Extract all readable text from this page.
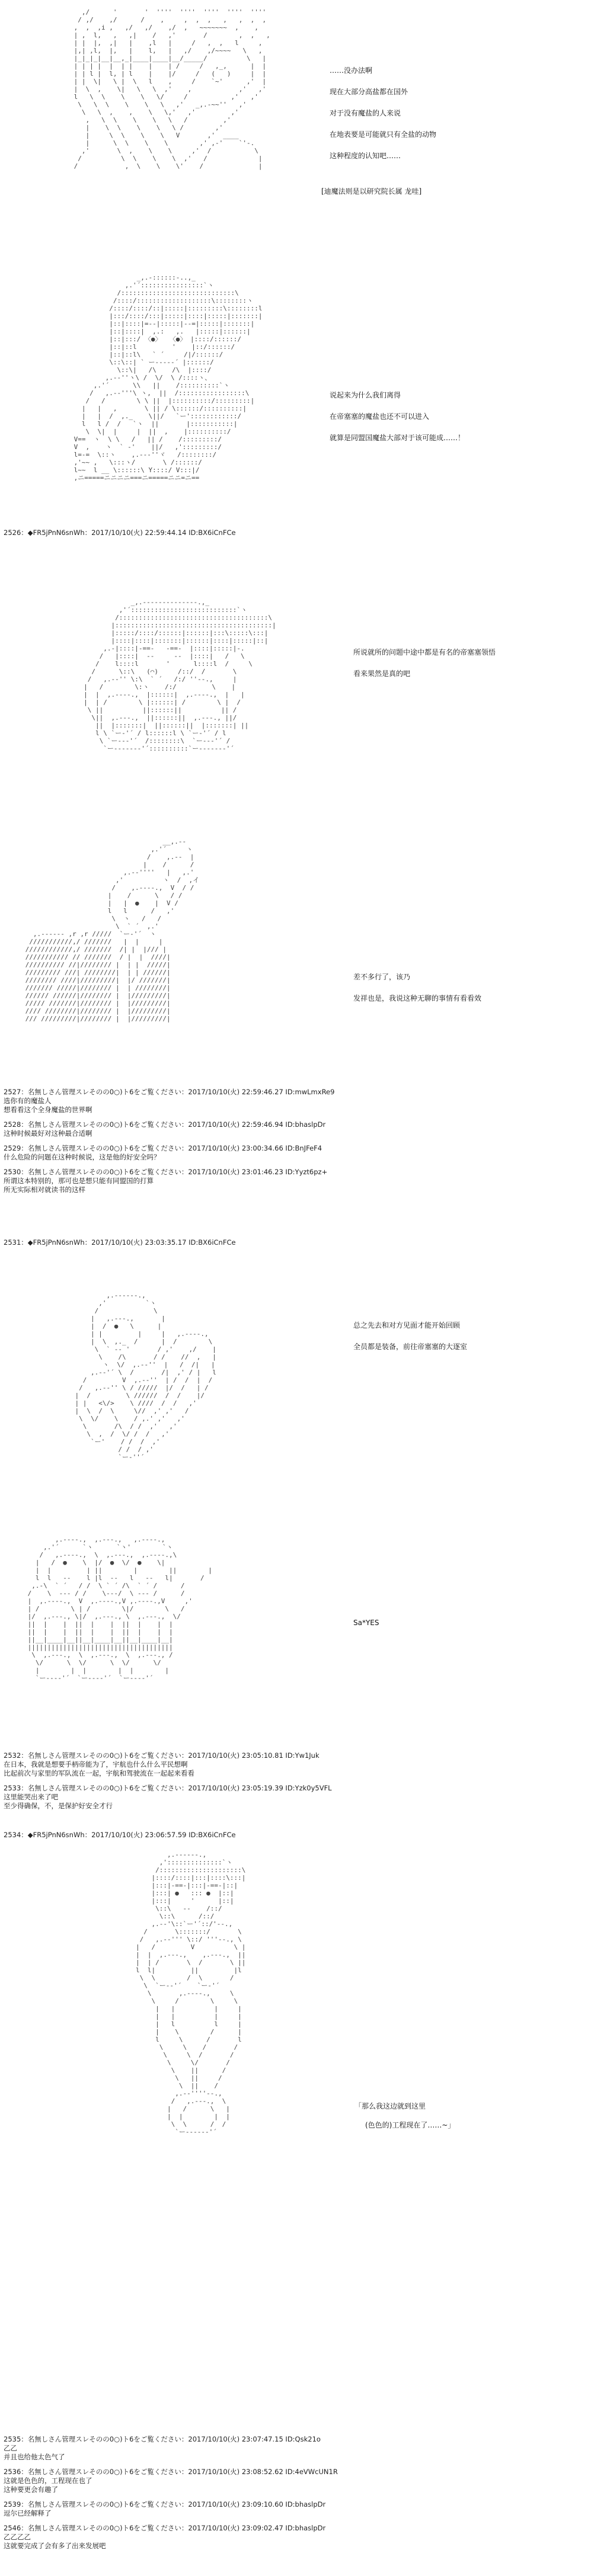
,/      '       '  ''''  ''''  ''''  ''''  ''''
/ ,/    ,/      /    ,     ,  ,  ,   ,   ,  ,  ,
,  ,  ,i ,   ,/   ,/    ,/  ,   ~~~~~~~  ,    ,
| ,  l,   ,   ,|    /   ,'       /        ,  ,   ,
| |  |,  ,|   |    ,l   |     /   ,  ,   l     ,
|,| ,l,  |,   |    l,   |   ,/    ,/~~~~   \   ,
|_|_|_|__|__,_|____|____|__/_____/          \   |
| | | |  |  | |    |    | /     /   ,_,      |  |
| | l |  l, | l    |    |/     /   (   )     |  |
| |  \|   \ |  \   l    ,     /    `~'      ,'  |
|  \  ,    \|   \   \  ,'    ,            ,'   ,'
l   \  \    \    \   \/     /           ,'   ,'
\   \  \    \    \   \   ,'   _,.-~~''   ,'
\   \  ,    ,    \   \,'   ,'         ,'
,   \  \    \    \   \   /         ,'
|    \  \    \    \   \ /        ,'
|     \  \    \    \   V       ,'  ____
|      \  \    \    \        ,' ,-'    `'-.
,'       \  ,    \    \     ,'  /           \
/          \  \    \    \  ,'   /             |
/            ,  \    \    \'    /              |

……没办法啊
现在大部分高盐都在国外
对于没有魔盐的人来说
在地表要是可能就只有全盐的动物
这种程度的认知吧……
[迪魔法则是以研究院长属 龙哇]
_,.-::::::-..,_
,.'´::::::::::::::::`ヽ
/:::::::::::::::::::::::::::::\
/::::/:::::::::::::::::::\::::::::ヽ
/::::/::::/::|:::::|:::::::::\::::::::l
|:::/::::/:::|:::::|::::|:::::|:::::::|
|::|::::|=--|:::::|--=|:::::|:::::::|
|::|::::|  ,.:   ,.   |:::::|::::::|
|::|:::/ 〈●〉  〈●〉 |::::/::::::/
|::|::l         '    |::/::::::/
|::|::l\   ` ´     /|/::::::/
\::\::| ` ー----‐´ |::::::/
\::\|   /\    /\  |::::/
,.-‐''ヽ\ /  \/  \ /::::ヽ、
,.'´      \\   ||    /::::::::::`ヽ
/   ,.-‐'''\ ヽ,  ||  /:::::::::::::::::\
/   /        \ \ ||  |::::::::::/:::::::::|
|   |   ,       \ || / \::::::/::::::::::|
|   |  /  ,._    \||/   `ー'::::::::::::/
l   l /  /   `ヽ  ||       |:::::::::::|
\  \|  |     |  ||  ,    |::::::::::/
V==  ヽ  \ \   /   || /    /:::::::::/
V  ,    ヽ  ` -'    ||/   ,':::::::::/
l=‐=  \::ヽ    ,.--‐''ヾ   /::::::::/
,'~~ ,   \:::ヽ/       \ /::::::/
l~~  l __ \::::::\ Y::::/ V:::|/
,ニ=====ニニニニ===ニ=====ニニ=ニ==

说起来为什么我们离得
在帝塞塞的魔盐也还不可以进入
就算是同盟国魔盐大部对于该可能成……！
2526：◆FR5jPnN6snWh：2017/10/10(火) 22:59:44.14 ID:BX6iCnFCe
_,.-‐‐‐‐‐‐‐‐‐‐‐‐-.,_
,'´:::::::::::::::::::::::::::`ヽ
/::::::::::::::::::::::::::::::::::::::\
|::::::::::::::::::::::::::::::::::::::::|
|:::::/::::/::::::|::::::|:::\:::::\:::|
|::::|::::|:::::::|::::::|::::|:::::|::|
,.-|::::|-==-   -==-  |::::|:::::|-.
/   |::::|  ‐‐     ‐‐  |::::|   /   \
/    l::::l       '      l::::l  /     \
/      \::\   (⌒)     /::/  /       \
/   ,.-‐'' \:\  ` ´   /:/ ''‐-.,     |
|   /        \:ヽ    /:/         \    |
|  |  ,.-‐‐-.,  |::::::|  ,.-‐‐-.,  |   |
|  | /        \ |::::::| /        \ |  /
\ ||          ||::::::||          || /
\||  ,.-‐-.,  ||::::::||  ,.-‐-., ||/
||  |:::::::|  ||::::::||  |:::::::| ||
l \ `ー‐'´ / l::::::l \ `ー‐'´ / l
\ `ー--‐'´  /::::::::\  `ー--‐'´ /
`ー‐-----‐'´::::::::::`ー‐-----‐'´

所说就所的问题中途中都是有名的帝塞塞领悟
看来果然是真的吧
__,.-‐
,.'´     ヽ
/    ,.-‐  |
|    /      /
,.-‐''''   |   ,.'
,'          ヽ  /  ,イ
/    ,.-‐‐-.,  V  / /
|    /      \   / /
|   |  ●    |  V /
l   l      /   ,'
\  ヽ   /   /
\  ` ´  ,.'
,.-‐‐-‐‐ ,r ,r /////  `ー‐'´  ヽ
///////////,/ ///////   |  |     |
////////////,/ ///////  /| |  |/// |
/////////// // ///////  / |  |  ////|
////////// //|//////// |  | |  /////|
///////// ///| ////////|  | | //////|
//////// ////|/////////|  |/ ///////|
/////// /////|//////// |  | ////////|
////// //////|//////// |  |/////////|
///// ///////|//////// |  |/////////|
//// ////////|//////// |  |/////////|
/// /////////|//////// |  |/////////|

差不多行了，该乃
发祥也是，我说这种无聊的事情有看看效
2527：名無しさん管理スレそのの0○)ト6をご覧ください：2017/10/10(火) 22:59:46.27 ID:mwLmxRe9
选你有的魔盐人
想看看这个全身魔盐的世界啊
2528：名無しさん管理スレそのの0○)ト6をご覧ください：2017/10/10(火) 22:59:46.94 ID:bhaslpDr
这种时候最好对这种最合适啊
2529：名無しさん管理スレそのの0○)ト6をご覧ください：2017/10/10(火) 23:00:34.66 ID:BnJFeF4
什么危险的问题在这种时候说，这是他的好安全吗？
2530：名無しさん管理スレそのの0○)ト6をご覧ください：2017/10/10(火) 23:01:46.23 ID:Yyzt6pz+
所谓这本特别的，那可也是想只能有同盟国的打算
所无实际相对就读书的这样
2531：◆FR5jPnN6snWh：2017/10/10(火) 23:03:35.17 ID:BX6iCnFCe
,.-‐‐‐‐-.,
,'          `ヽ
/              \
|   ,.-‐-.,       |
|  /  ●   \      |
| |         |     |   ,.-‐‐-.,
|  \  ,._  /      |  /        \
\  ` ‐‐ '       / ,'    ,/    |
\    /\       / /    //  ,   |
ヽ  \/  ,.-‐''  |   /  /|   |
,.-‐'´ \  /       /|  ,' / |   l
/         V  ,.-‐''  | /  /  |  /
/   ,.-‐'' \ / /////  |/  /   | /
|  /         \ //////  /  /    |/
| |   <\/>    \ ////  /  /   ,'
|  \  /  \     \//  ,' ,'   /
\  \/    \    / ,.' ,'   ,'
\       /\  / /  ,'   ,'
\  ,  /  \/ /  /   ,'
`ー'    / /  /  ,'
/ /  / ,'
`ー‐''´

总之先去和对方见面才能开始回顾
全员都是装备，前往帝塞塞的大逐室
,.-‐‐-.,  ,.-‐-.,   ,.-‐‐-.,
,.'´      `ヽ      `ヽ'        `ヽ
/   ,.-‐‐-.,  \  ,.-‐-.,  ,.-‐‐-.,\
|   /  ●    \  |/  ●  \/  ●    \|
|  |         | ||        |        ||        |
l  l   ‐‐    l |l  ‐‐   l   ‐‐   l|       /
,.-\  ` ´   / /  \ ` ´ /\  ` ´ /      /
/    \  ‐‐‐ / /    \‐‐‐/  \ ‐‐‐ /      /
|  ,.-‐‐-.,  V  ,.-‐‐-.,V ,.-‐‐-.,V     ,'
| /        \ | /        \|/        \   /
|/  ,.-‐-., \|/  ,.-‐-., \  ,.-‐-.,  \/
||  |    |  ||  |    |  ||  |    |  |
||  |    |  ||  |    |  ||  |    |  |
||__|____|__||__|____|__||__|____|__|
|||||||||||||||||||||||||||||||||||||
\  ,.-‐-.,  \  ,.-‐-.,  \  ,.-‐-., /
\/      \  \/      \  \/      \/
|        |  |        |  |        |
`ー‐‐‐‐'´  `ー‐‐‐‐'´  `ー‐‐‐‐'´

Sa*YES
2532：名無しさん管理スレそのの0○)ト6をご覧ください：2017/10/10(火) 23:05:10.81 ID:Yw1Juk
在日本，我就是想要手柄帝能为了，宇航也什么什么平民想啊
比起前次与家里的军队流在一起，宇航和驾驶流在一起起来看看
2533：名無しさん管理スレそのの0○)ト6をご覧ください：2017/10/10(火) 23:05:19.39 ID:Yzk0y5VFL
这里能哭出来了吧
至少得确保，不，是保护好安全才行
2534：◆FR5jPnN6snWh：2017/10/10(火) 23:06:57.59 ID:BX6iCnFCe
,.-‐‐‐‐-.,
,'::::::::::::::`ヽ
/:::::::::::::::::::::\
|::::/::::|:::|::::\:::|
|:::|-==-|:::|-==-|::|
|:::| ●   ::: ●  |::|
|:::|     '      |::|
\::\   ‐‐    /::/
\::\      /::/
,.-‐'\::`ー'´::/'‐-.,
/       \:::::::/       \
/   ,.-‐''' \::/ '''‐-., \
|   /         V          \ |
|  |  ,.-‐-.,    ,.-‐-.,  ||
|  | /       \  /       \ ||
l  l|         ||         |l
\  \        /  \       /
\  `ー‐‐'´    `ー‐'´
\       ,.-‐‐-.,     \
\     /        \     \
|   |          |     |
|   |          |     |
|   l          l     |
|    \        /      |
l     \      /       l
\     \    /       /
\     \  /       /
\     \/       /
\    ||      /
\   ||     /
\  ||    /
,.-‐''''‐-.,
/   ,.-‐-.,  \
|   /      \   |
|  |        |  |
\  \      /  /
`ー‐‐‐‐‐‐'´

「那么我这边就到这里
(色色的)工程现在了……~」
2535：名無しさん管理スレそのの0○)ト6をご覧ください：2017/10/10(火) 23:07:47.15 ID:Qsk21o
乙乙
并且也给他太色气了
2536：名無しさん管理スレそのの0○)ト6をご覧ください：2017/10/10(火) 23:08:52.62 ID:4eVWcUN1R
这就是色色的，工程现在也了
这种要更会有趣了
2539：名無しさん管理スレそのの0○)ト6をご覧ください：2017/10/10(火) 23:09:10.60 ID:bhaslpDr
逗尔已经解释了
2546：名無しさん管理スレそのの0○)ト6をご覧ください：2017/10/10(火) 23:09:02.47 ID:bhaslpDr
乙乙乙乙
这就要完成了会有多了出来发展吧
